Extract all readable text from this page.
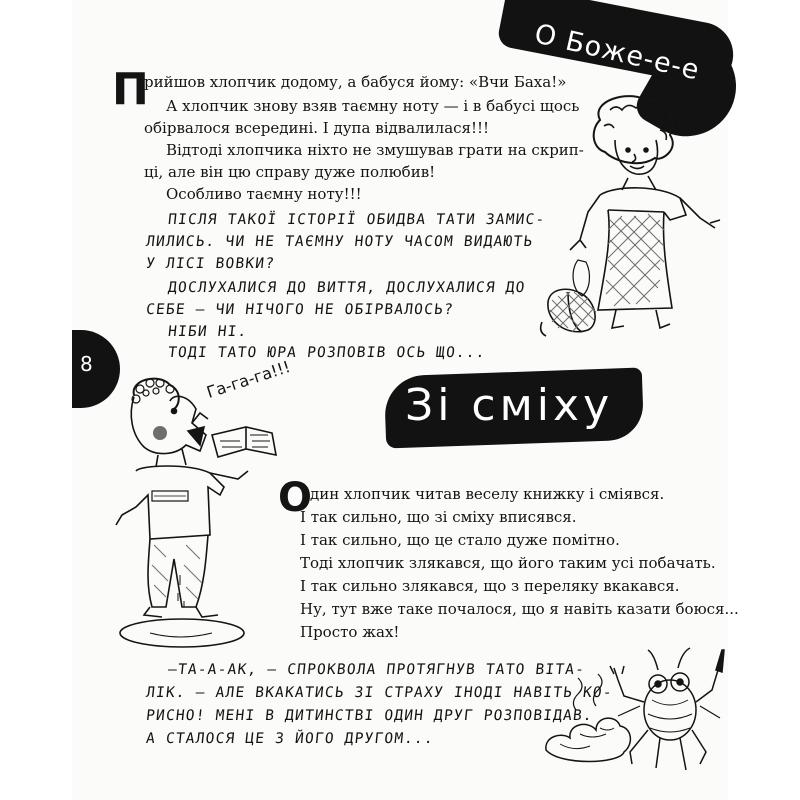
О Боже-е-е
П
рийшов хлопчик додому, а бабуся йому: «Вчи Баха!»
А хлопчик знову взяв таємну ноту — і в бабусі щось
обірвалося всередині. І дупа відвалилася!!!
Відтоді хлопчика ніхто не змушував грати на скрип-
ці, але він цю справу дуже полюбив!
Особливо таємну ноту!!!
ПІСЛЯ ТАКОЇ ІСТОРІЇ ОБИДВА ТАТИ ЗАМИС-
ЛИЛИСЬ. ЧИ НЕ ТАЄМНУ НОТУ ЧАСОМ ВИДАЮТЬ
У ЛІСІ ВОВКИ?
ДОСЛУХАЛИСЯ ДО ВИТТЯ, ДОСЛУХАЛИСЯ ДО
СЕБЕ – ЧИ НІЧОГО НЕ ОБІРВАЛОСЬ?
НІБИ НІ.
ТОДІ ТАТО ЮРА РОЗПОВІВ ОСЬ ЩО...
8
Зі сміху
Га-га-га!!!
О
дин хлопчик читав веселу книжку і сміявся.
І так сильно, що зі сміху вписявся.
І так сильно, що це стало дуже помітно.
Тоді хлопчик злякався, що його таким усі побачать.
І так сильно злякався, що з переляку вкакався.
Ну, тут вже таке почалося, що я навіть казати боюся...
Просто жах!
–ТА-А-АК, – СПРОКВОЛА ПРОТЯГНУВ ТАТО ВІТА-
ЛІК. – АЛЕ ВКАКАТИСЬ ЗІ СТРАХУ ІНОДІ НАВІТЬ КО-
РИСНО! МЕНІ В ДИТИНСТВІ ОДИН ДРУГ РОЗПОВІДАВ.
А СТАЛОСЯ ЦЕ З ЙОГО ДРУГОМ...
